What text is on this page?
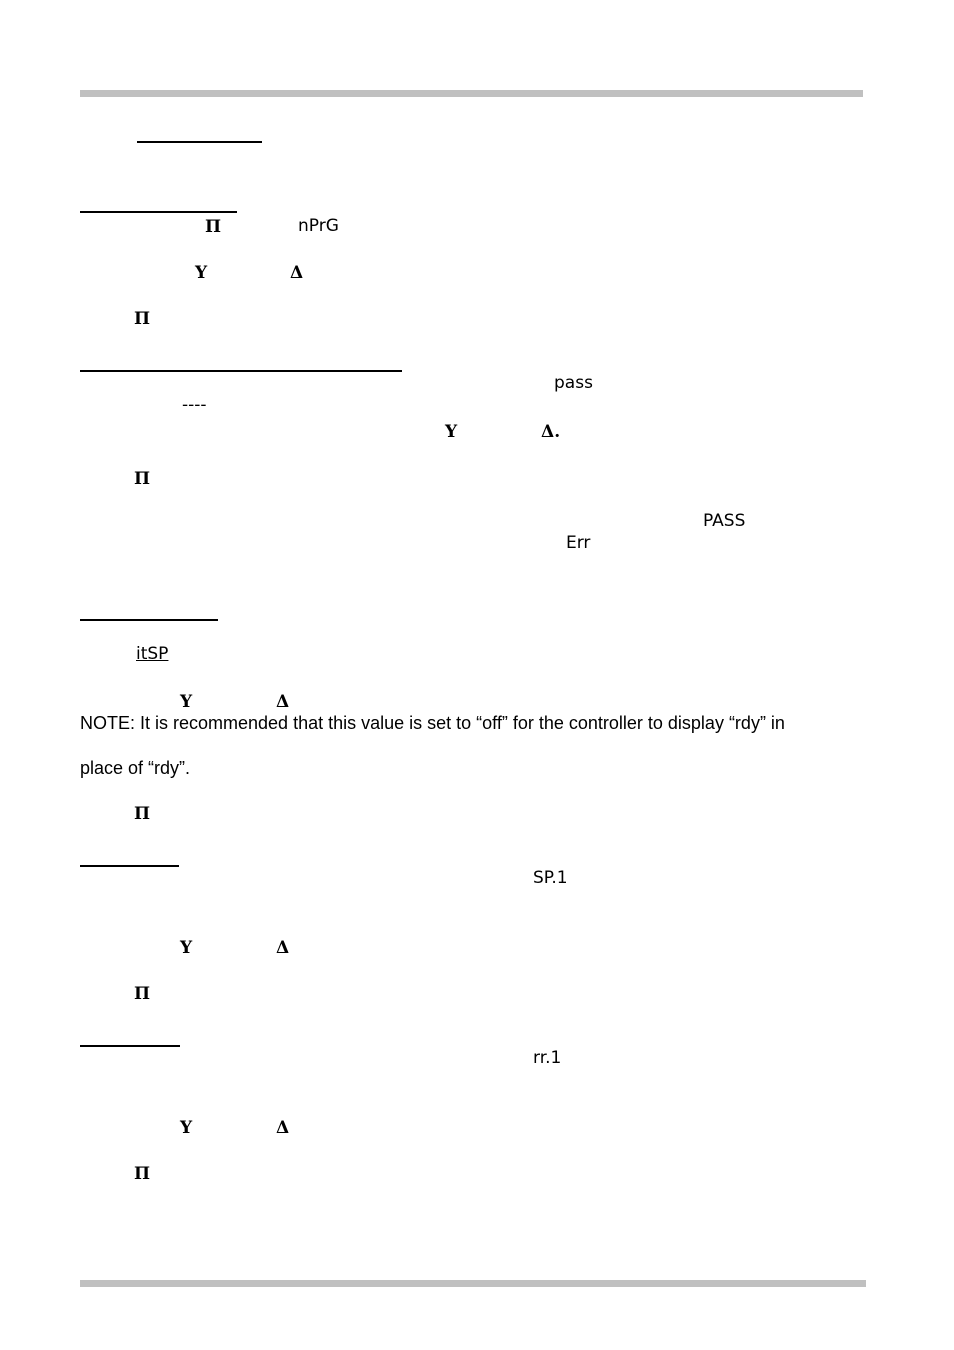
Π	nPrG
Υ	Δ
Π
pass
----
Υ	Δ.
Π
PASS
Err
itSP
Υ	Δ
NOTE: It is recommended that this value is set to “off” for the controller to display “rdy” in
place of “rdy”.
Π
SP.1
Υ	Δ
Π
rr.1
Υ	Δ
Π
